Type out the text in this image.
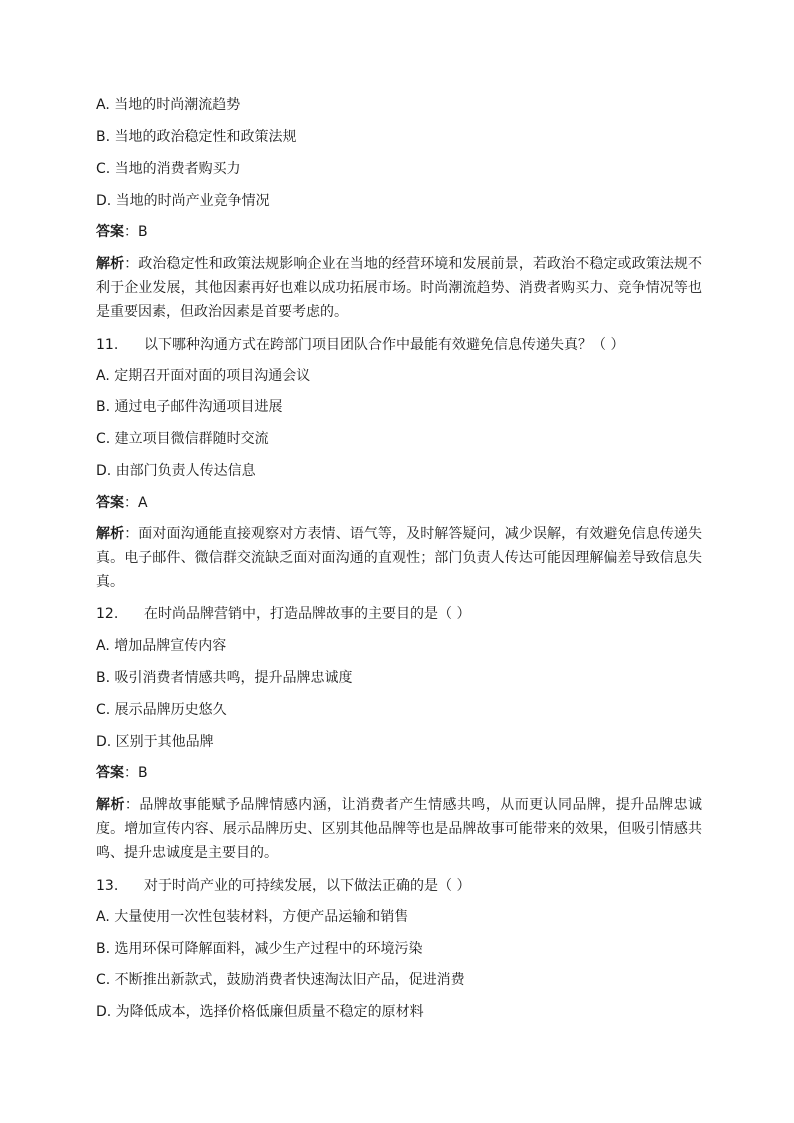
A. 当地的时尚潮流趋势
B. 当地的政治稳定性和政策法规
C. 当地的消费者购买力
D. 当地的时尚产业竞争情况
答案：B
解析：政治稳定性和政策法规影响企业在当地的经营环境和发展前景，若政治不稳定或政策法规不利于企业发展，其他因素再好也难以成功拓展市场。时尚潮流趋势、消费者购买力、竞争情况等也是重要因素，但政治因素是首要考虑的。
11. 以下哪种沟通方式在跨部门项目团队合作中最能有效避免信息传递失真？（ ）
A. 定期召开面对面的项目沟通会议
B. 通过电子邮件沟通项目进展
C. 建立项目微信群随时交流
D. 由部门负责人传达信息
答案：A
解析：面对面沟通能直接观察对方表情、语气等，及时解答疑问，减少误解，有效避免信息传递失真。电子邮件、微信群交流缺乏面对面沟通的直观性；部门负责人传达可能因理解偏差导致信息失真。
12. 在时尚品牌营销中，打造品牌故事的主要目的是（ ）
A. 增加品牌宣传内容
B. 吸引消费者情感共鸣，提升品牌忠诚度
C. 展示品牌历史悠久
D. 区别于其他品牌
答案：B
解析：品牌故事能赋予品牌情感内涵，让消费者产生情感共鸣，从而更认同品牌，提升品牌忠诚度。增加宣传内容、展示品牌历史、区别其他品牌等也是品牌故事可能带来的效果，但吸引情感共鸣、提升忠诚度是主要目的。
13. 对于时尚产业的可持续发展，以下做法正确的是（ ）
A. 大量使用一次性包装材料，方便产品运输和销售
B. 选用环保可降解面料，减少生产过程中的环境污染
C. 不断推出新款式，鼓励消费者快速淘汰旧产品，促进消费
D. 为降低成本，选择价格低廉但质量不稳定的原材料
